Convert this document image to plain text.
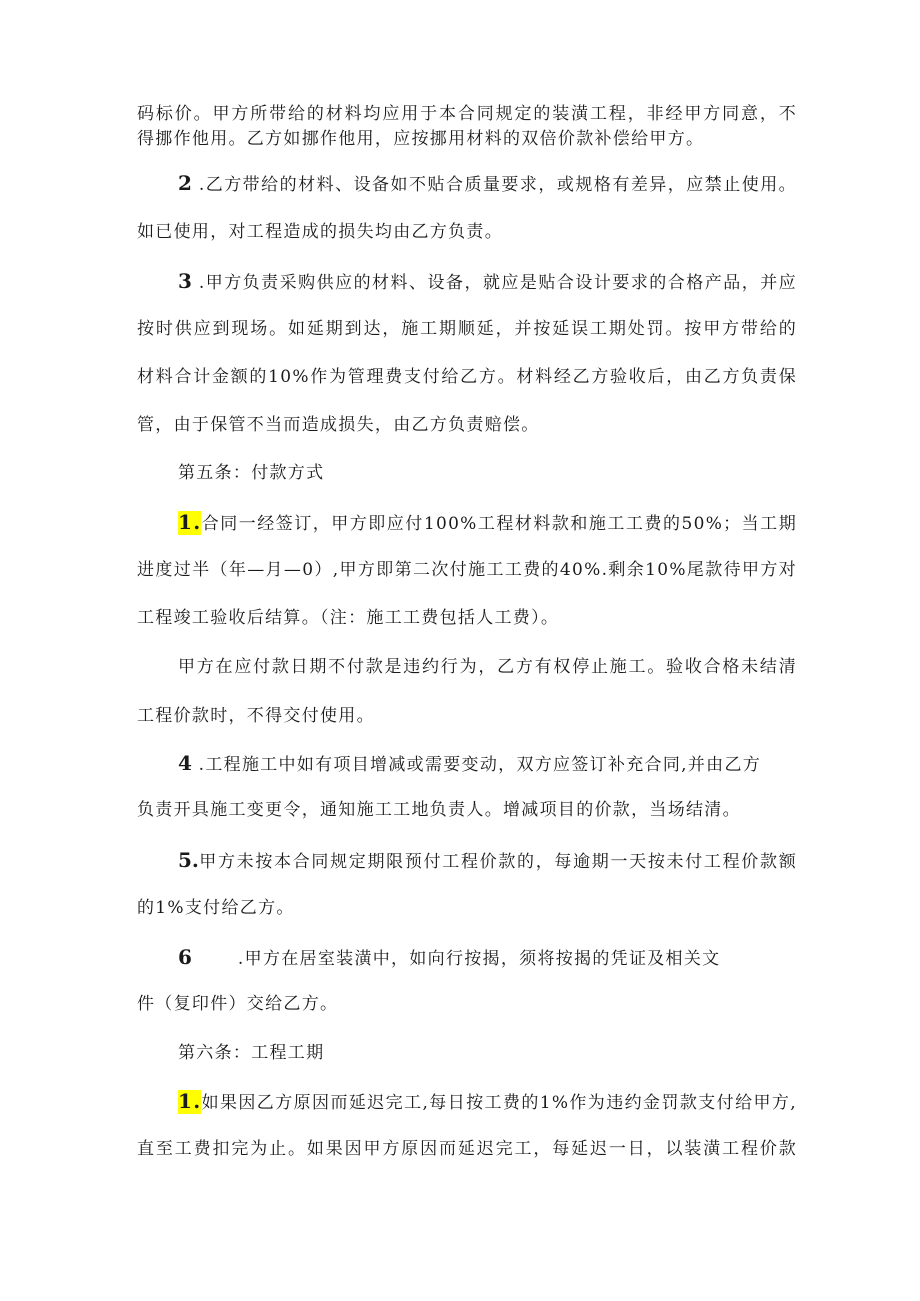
码标价。甲方所带给的材料均应用于本合同规定的装潢工程，非经甲方同意，不
得挪作他用。乙方如挪作他用，应按挪用材料的双倍价款补偿给甲方。
2 .乙方带给的材料、设备如不贴合质量要求，或规格有差异，应禁止使用。
如已使用，对工程造成的损失均由乙方负责。
3 .甲方负责采购供应的材料、设备，就应是贴合设计要求的合格产品，并应
按时供应到现场。如延期到达，施工期顺延，并按延误工期处罚。按甲方带给的
材料合计金额的10%作为管理费支付给乙方。材料经乙方验收后，由乙方负责保
管，由于保管不当而造成损失，由乙方负责赔偿。
第五条：付款方式
1.合同一经签订，甲方即应付100%工程材料款和施工工费的50%；当工期
进度过半（年—月—0）,甲方即第二次付施工工费的40%.剩余10%尾款待甲方对
工程竣工验收后结算。（注：施工工费包括人工费）。
甲方在应付款日期不付款是违约行为，乙方有权停止施工。验收合格未结清
工程价款时，不得交付使用。
4 .工程施工中如有项目增减或需要变动，双方应签订补充合同,并由乙方
负责开具施工变更令，通知施工工地负责人。增减项目的价款，当场结清。
5.甲方未按本合同规定期限预付工程价款的，每逾期一天按未付工程价款额
的1%支付给乙方。
6	.甲方在居室装潢中，如向行按揭，须将按揭的凭证及相关文
件（复印件）交给乙方。
第六条：工程工期
1.如果因乙方原因而延迟完工,每日按工费的1%作为违约金罚款支付给甲方,
直至工费扣完为止。如果因甲方原因而延迟完工，每延迟一日，以装潢工程价款
